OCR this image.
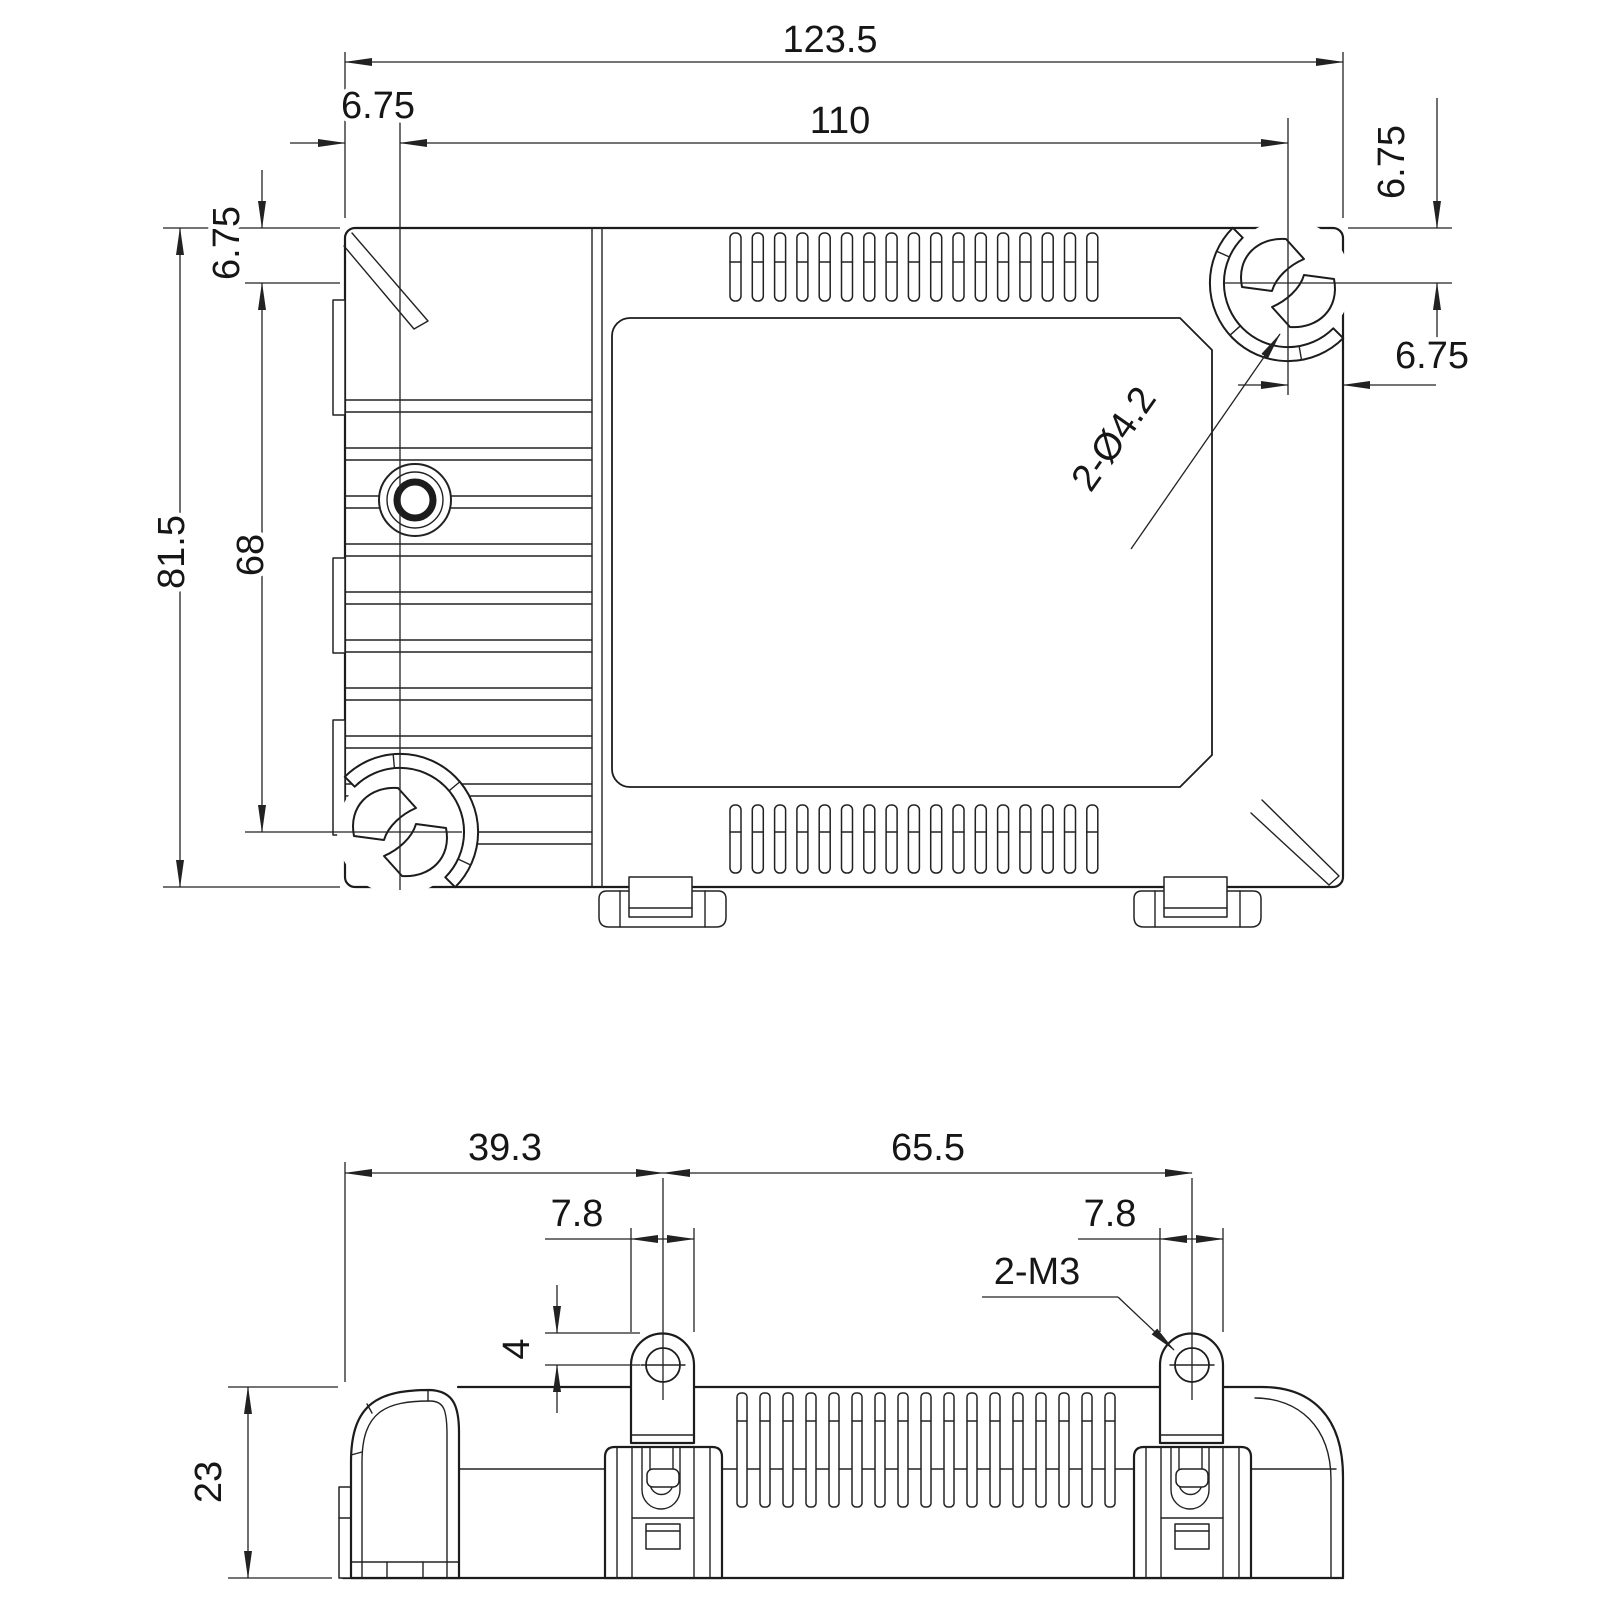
123.5
110
6.75
6.75
6.75
81.5 68
6.75
2-Ø4.2
39.3	65.5
7.8	7.8
2-M3
4
23
